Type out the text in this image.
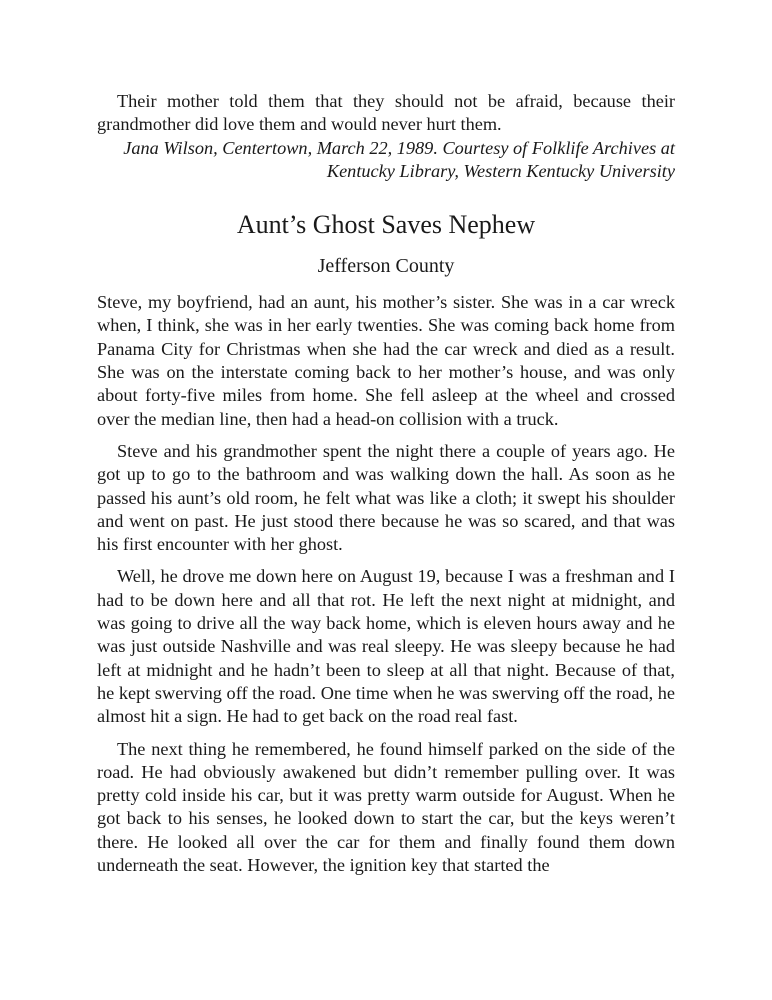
Their mother told them that they should not be afraid, because their grandmother did love them and would never hurt them.

Jana Wilson, Centertown, March 22, 1989. Courtesy of Folklife Archives at
Kentucky Library, Western Kentucky University
Aunt’s Ghost Saves Nephew
Jefferson County

Steve, my boyfriend, had an aunt, his mother’s sister. She was in a car wreck when, I think, she was in her early twenties. She was coming back home from Panama City for Christmas when she had the car wreck and died as a result. She was on the interstate coming back to her mother’s house, and was only about forty-five miles from home. She fell asleep at the wheel and crossed over the median line, then had a head-on collision with a truck.

Steve and his grandmother spent the night there a couple of years ago. He got up to go to the bathroom and was walking down the hall. As soon as he passed his aunt’s old room, he felt what was like a cloth; it swept his shoulder and went on past. He just stood there because he was so scared, and that was his first encounter with her ghost.

Well, he drove me down here on August 19, because I was a freshman and I had to be down here and all that rot. He left the next night at midnight, and was going to drive all the way back home, which is eleven hours away and he was just outside Nashville and was real sleepy. He was sleepy because he had left at midnight and he hadn’t been to sleep at all that night. Because of that, he kept swerving off the road. One time when he was swerving off the road, he almost hit a sign. He had to get back on the road real fast.

The next thing he remembered, he found himself parked on the side of the road. He had obviously awakened but didn’t remember pulling over. It was pretty cold inside his car, but it was pretty warm outside for August. When he got back to his senses, he looked down to start the car, but the keys weren’t there. He looked all over the car for them and finally found them down underneath the seat. However, the ignition key that started the
